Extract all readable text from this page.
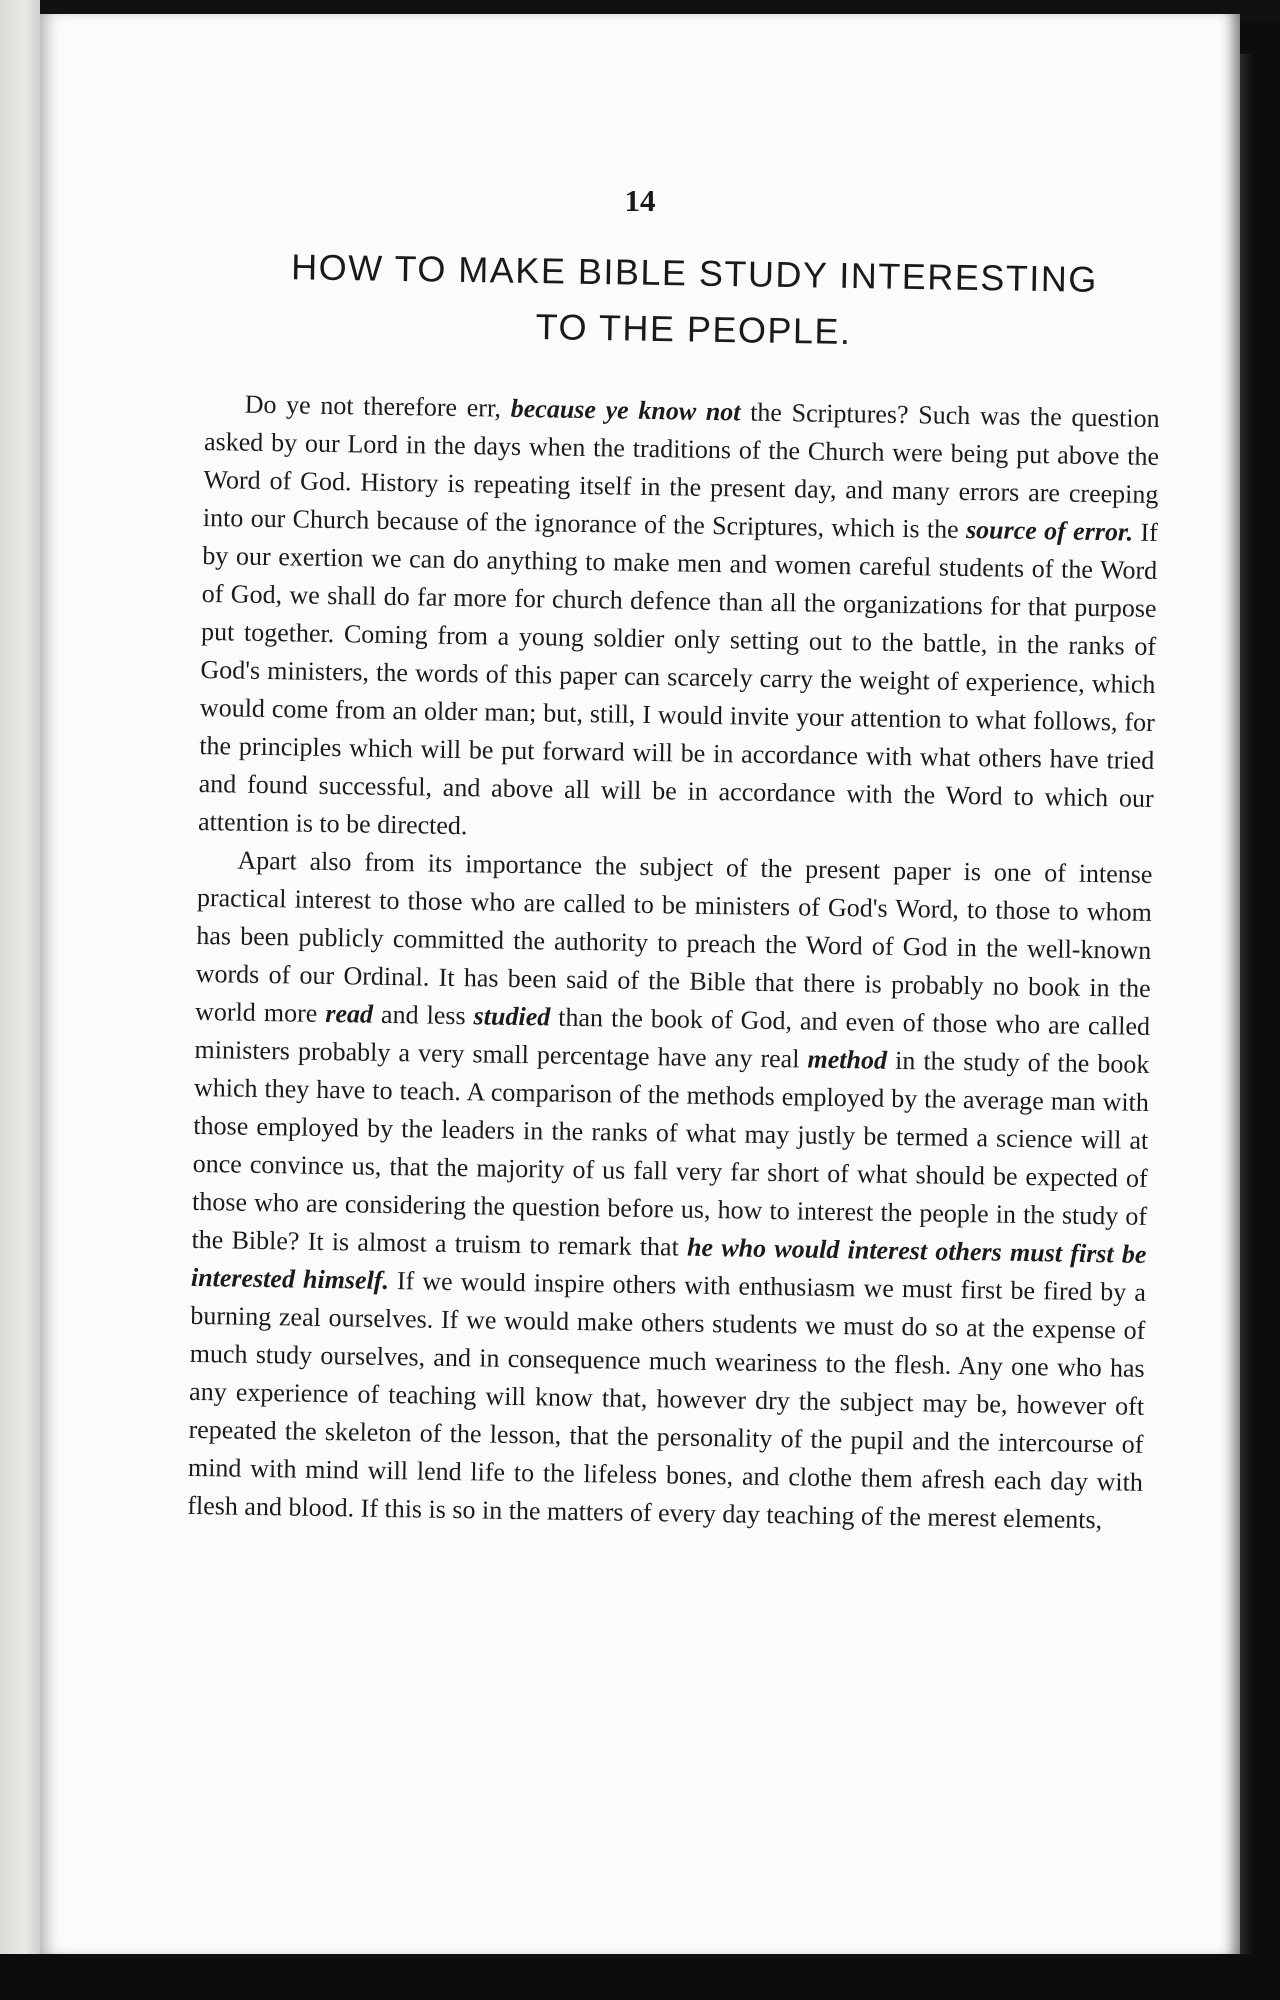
14
HOW TO MAKE BIBLE STUDY INTERESTING
TO THE PEOPLE.

Do ye not therefore err, because ye know not the Scriptures? Such was the question asked by our Lord in the days when the traditions of the Church were being put above the Word of God. History is repeating itself in the present day, and many errors are creeping into our Church because of the ignorance of the Scriptures, which is the source of error. If by our exertion we can do anything to make men and women careful students of the Word of God, we shall do far more for church defence than all the organizations for that purpose put together. Coming from a young soldier only setting out to the battle, in the ranks of God's ministers, the words of this paper can scarcely carry the weight of experience, which would come from an older man; but, still, I would invite your attention to what follows, for the principles which will be put forward will be in accordance with what others have tried and found successful, and above all will be in accordance with the Word to which our attention is to be directed.

Apart also from its importance the subject of the present paper is one of intense practical interest to those who are called to be ministers of God's Word, to those to whom has been publicly committed the authority to preach the Word of God in the well-known words of our Ordinal. It has been said of the Bible that there is probably no book in the world more read and less studied than the book of God, and even of those who are called ministers probably a very small percentage have any real method in the study of the book which they have to teach. A comparison of the methods employed by the average man with those employed by the leaders in the ranks of what may justly be termed a science will at once convince us, that the majority of us fall very far short of what should be expected of those who are considering the question before us, how to interest the people in the study of the Bible? It is almost a truism to remark that he who would interest others must first be interested himself. If we would inspire others with enthusiasm we must first be fired by a burning zeal ourselves. If we would make others students we must do so at the expense of much study ourselves, and in consequence much weariness to the flesh. Any one who has any experience of teaching will know that, however dry the subject may be, however oft repeated the skeleton of the lesson, that the personality of the pupil and the intercourse of mind with mind will lend life to the lifeless bones, and clothe them afresh each day with flesh and blood. If this is so in the matters of every day teaching of the merest elements,
